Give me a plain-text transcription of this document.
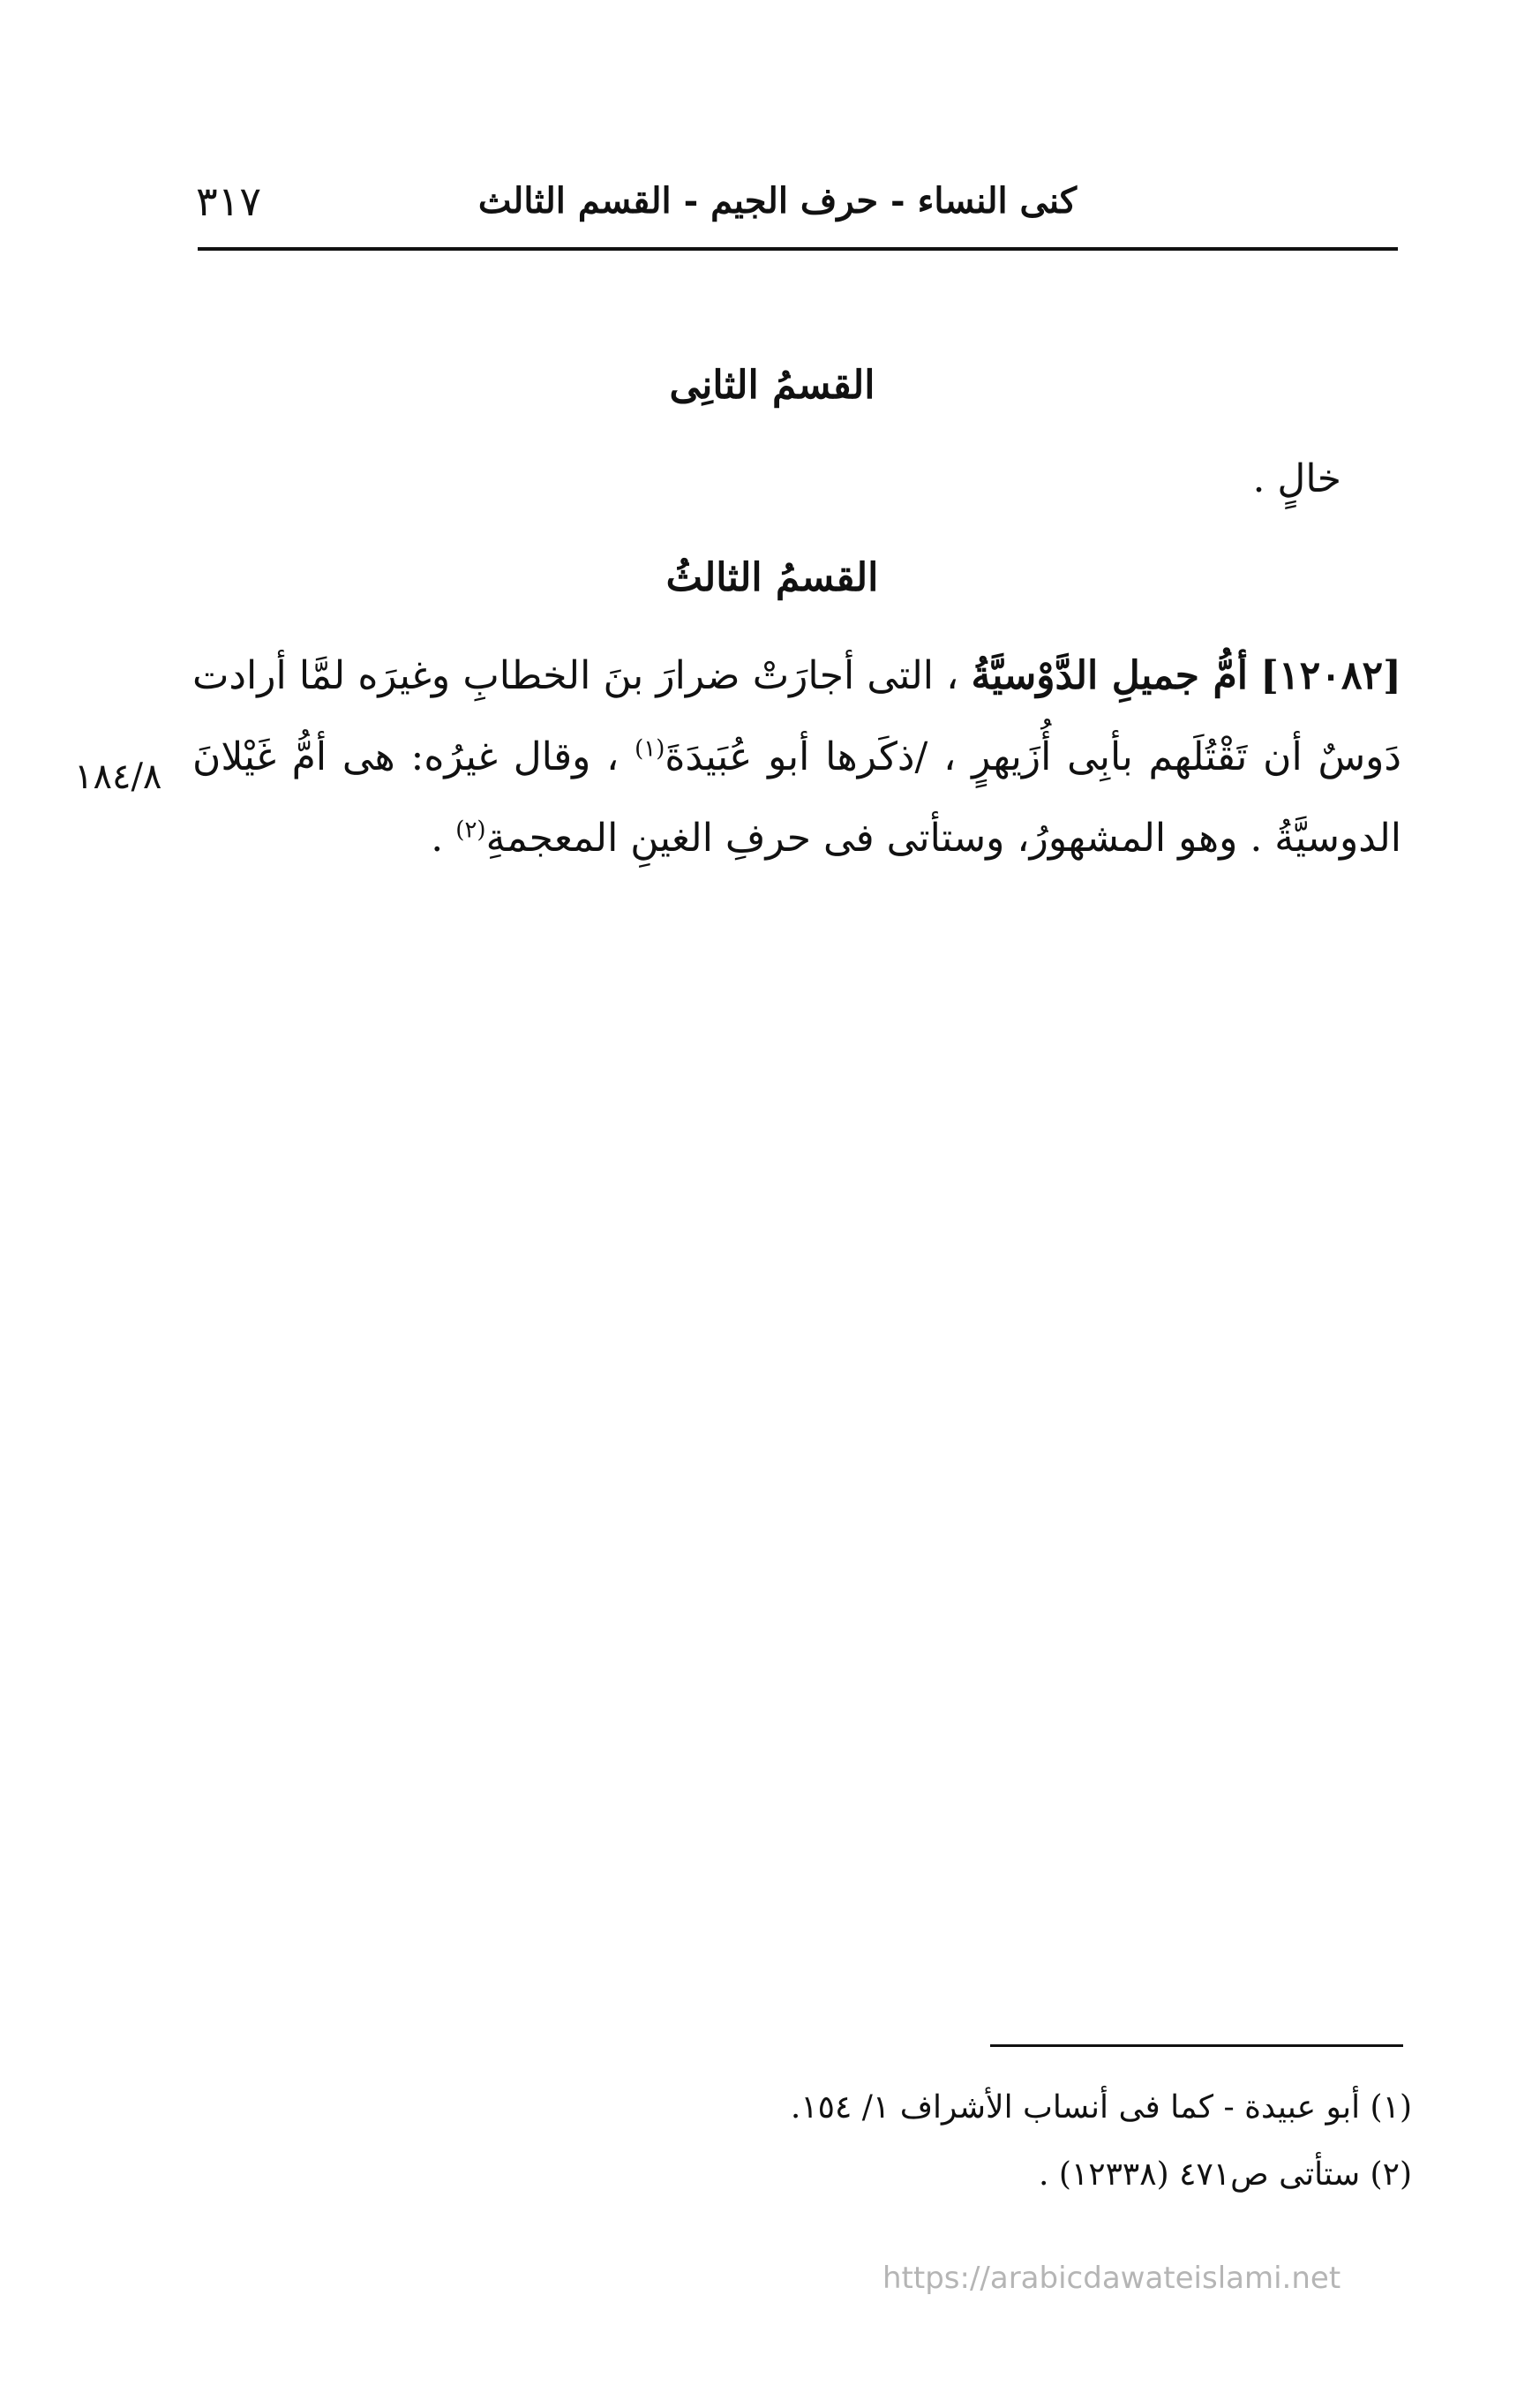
كنى النساء - حرف الجيم - القسم الثالث
٣١٧
القسمُ الثانِى
خالٍ .
القسمُ الثالثُ
[١٢٠٨٢] أمُّ جميلِ الدَّوْسيَّةُ ، التى أجارَتْ ضرارَ بنَ الخطابِ وغيرَه لمَّا أرادت دَوسٌ أن تَقْتُلَهم بأبِى أُزَيهرٍ ، /ذكَرها أبو عُبَيدَةَ$^{(١)}$ ، وقال غيرُه: هى أمُّ غَيْلانَ الدوسيَّةُ . وهو المشهورُ، وستأتى فى حرفِ الغينِ المعجمةِ$^{(٢)}$ .
١٨٤/٨
(١) أبو عبيدة - كما فى أنساب الأشراف ١/ ١٥٤.
(٢) ستأتى ص٤٧١ (١٢٣٣٨) .
https://arabicdawateislami.net
